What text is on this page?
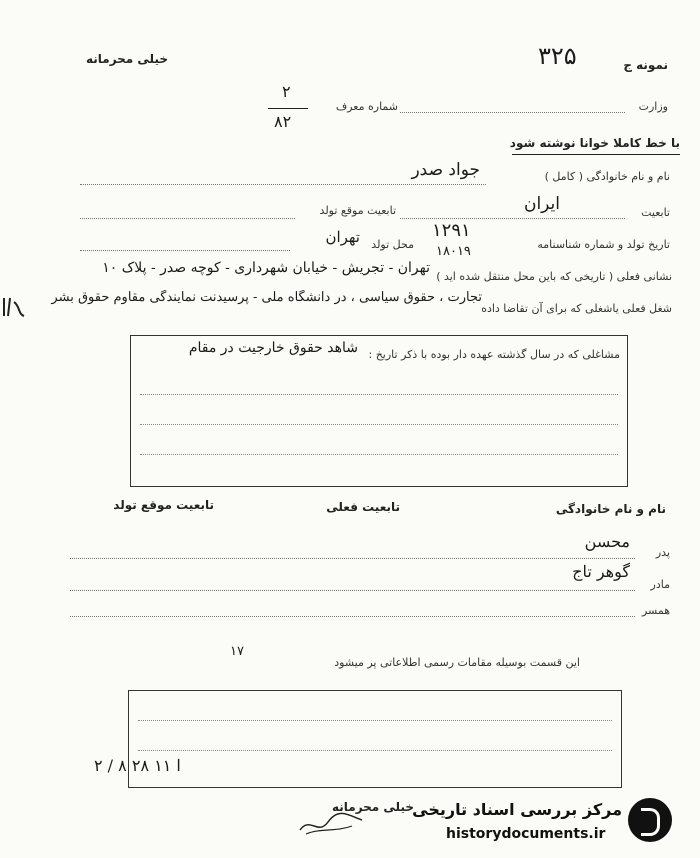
خیلی محرمانه	نمونه ج
۳۲۵
وزارت
شماره معرف
۲
۸۲
با خط کاملا خوانا نوشته شود
نام و نام خانوادگی ( کامل )
جواد صدر
تابعیت
ایران
تابعیت موقع تولد
تاریخ تولد و شماره شناسنامه
۱۲۹۱
۱۸۰۱۹
محل تولد
تهران
نشانی فعلی ( تاریخی که باین محل منتقل شده اید )
تهران - تجریش - خیابان شهرداری - کوچه صدر - پلاک ۱۰
شغل فعلی یاشغلی که برای آن تقاضا داده
تجارت ، حقوق سیاسی ، در دانشگاه ملی - پرسیدنت نمایندگی مقاوم حقوق بشر
مشاغلی که در سال گذشته عهده دار بوده با ذکر تاریخ :
شاهد حقوق خارجیت در مقام
نام و نام خانوادگی
تابعیت فعلی
تابعیت موقع تولد
پدر
محسن
مادر
گوهر تاج
همسر
این قسمت بوسیله مقامات رسمی اطلاعاتی پر میشود
۱۷
۲ / ۸ ا ۱۱ ۲۸
خیلی محرمانه
مرکز بررسی اسناد تاریخی
historydocuments.ir
